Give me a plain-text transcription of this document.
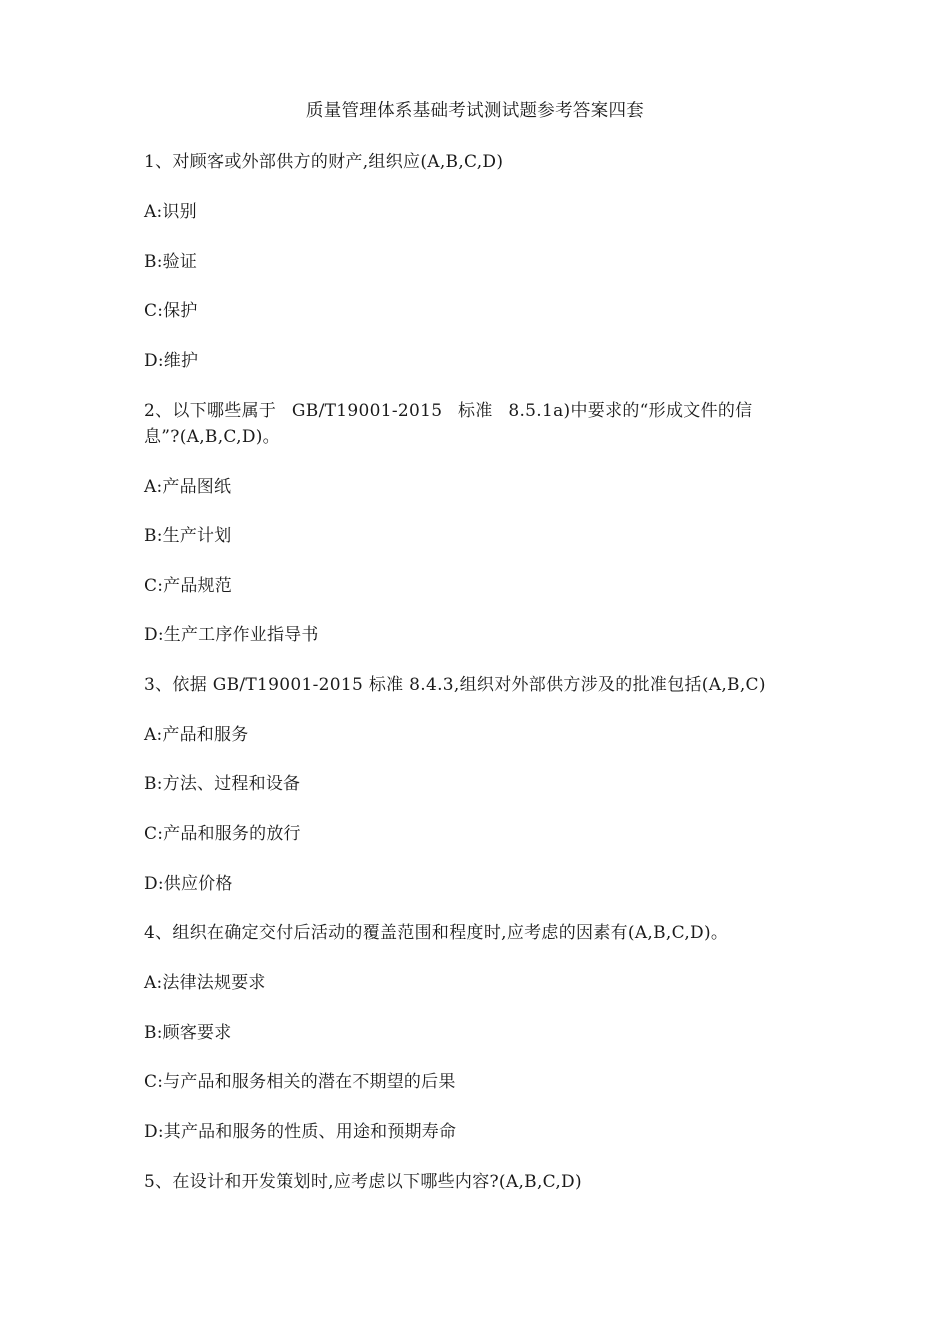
质量管理体系基础考试测试题参考答案四套
1、对顾客或外部供方的财产,组织应(A,B,C,D)
A:识别
B:验证
C:保护
D:维护
2、以下哪些属于 GB/T19001-2015 标准 8.5.1a)中要求的“形成文件的信
息”?(A,B,C,D)。
A:产品图纸
B:生产计划
C:产品规范
D:生产工序作业指导书
3、依据 GB/T19001-2015 标准 8.4.3,组织对外部供方涉及的批准包括(A,B,C)
A:产品和服务
B:方法、过程和设备
C:产品和服务的放行
D:供应价格
4、组织在确定交付后活动的覆盖范围和程度时,应考虑的因素有(A,B,C,D)。
A:法律法规要求
B:顾客要求
C:与产品和服务相关的潜在不期望的后果
D:其产品和服务的性质、用途和预期寿命
5、在设计和开发策划时,应考虑以下哪些内容?(A,B,C,D)
